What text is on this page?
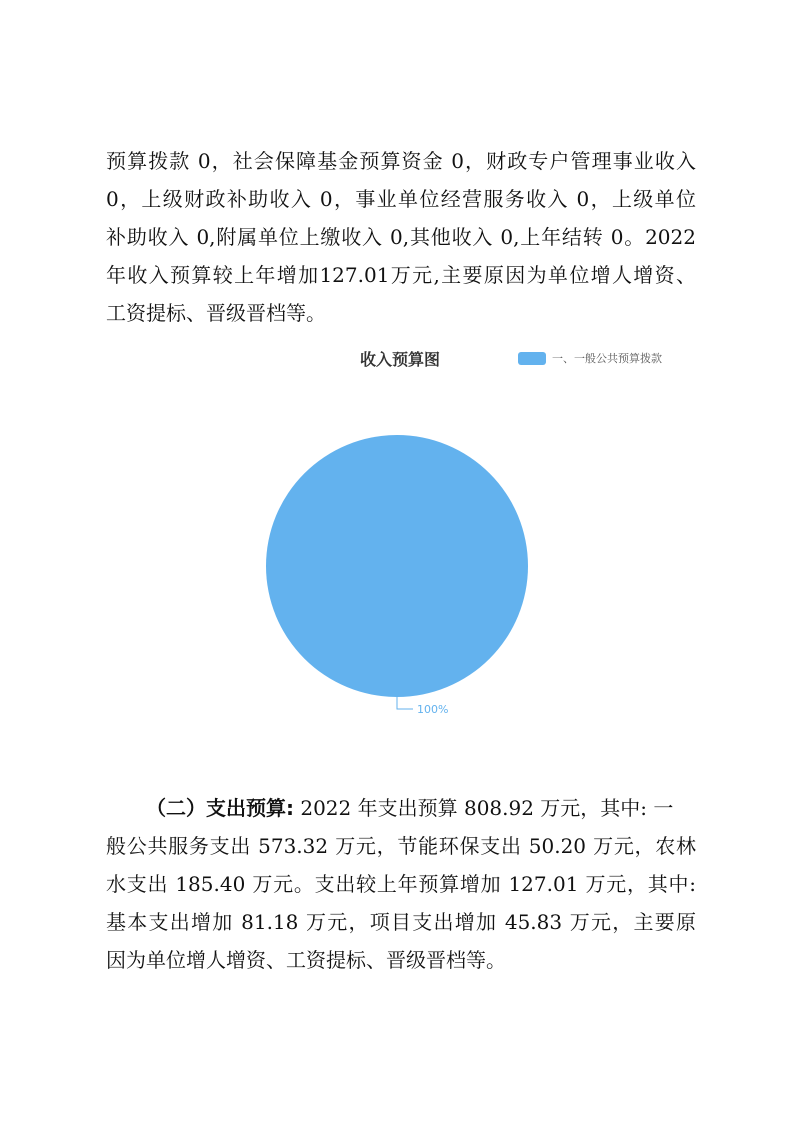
预算拨款 0，社会保障基金预算资金 0，财政专户管理事业收入
0，上级财政补助收入 0，事业单位经营服务收入 0，上级单位
补助收入 0,附属单位上缴收入 0,其他收入 0,上年结转 0。2022
年收入预算较上年增加127.01万元,主要原因为单位增人增资、
工资提标、晋级晋档等。
收入预算图	一、一般公共预算拨款
100%
（二）支出预算: 2022 年支出预算 808.92 万元，其中: 一
般公共服务支出 573.32 万元，节能环保支出 50.20 万元，农林
水支出 185.40 万元。支出较上年预算增加 127.01 万元，其中:
基本支出增加 81.18 万元，项目支出增加 45.83 万元，主要原
因为单位增人增资、工资提标、晋级晋档等。
